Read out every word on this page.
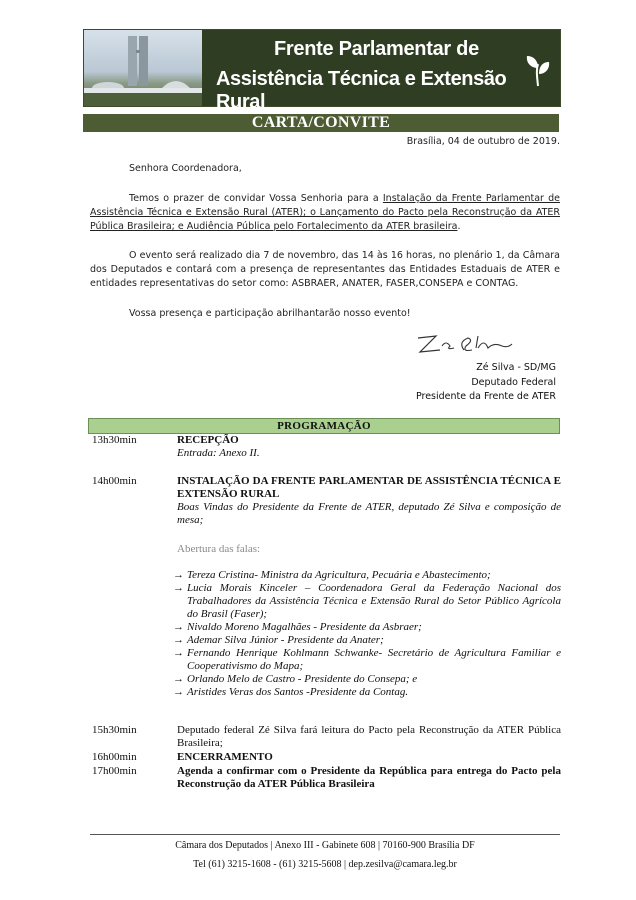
Frente Parlamentar de
Assistência Técnica e Extensão Rural
CARTA/CONVITE
Brasília, 04 de outubro de 2019.
Senhora Coordenadora,
Temos o prazer de convidar Vossa Senhoria para a Instalação da Frente Parlamentar de Assistência Técnica e Extensão Rural (ATER); o Lançamento do Pacto pela Reconstrução da ATER Pública Brasileira; e Audiência Pública pelo Fortalecimento da ATER brasileira.
O evento será realizado dia 7 de novembro, das 14 às 16 horas, no plenário 1, da Câmara dos Deputados e contará com a presença de representantes das Entidades Estaduais de ATER e entidades representativas do setor como: ASBRAER, ANATER, FASER,CONSEPA e CONTAG.
Vossa presença e participação abrilhantarão nosso evento!
Zé Silva - SD/MG
Deputado Federal
Presidente da Frente de ATER
PROGRAMAÇÃO
13h30min	RECEPÇÃO
Entrada: Anexo II.
14h00min	INSTALAÇÃO DA FRENTE PARLAMENTAR DE ASSISTÊNCIA TÉCNICA E EXTENSÃO RURAL
Boas Vindas do Presidente da Frente de ATER, deputado Zé Silva e composição de mesa;
Abertura das falas:
→ Tereza Cristina- Ministra da Agricultura, Pecuária e Abastecimento;
→ Lucia Morais Kinceler – Coordenadora Geral da Federação Nacional dos Trabalhadores da Assistência Técnica e Extensão Rural do Setor Público Agrícola do Brasil (Faser);
→ Nivaldo Moreno Magalhães - Presidente da Asbraer;
→ Ademar Silva Júnior - Presidente da Anater;
→ Fernando Henrique Kohlmann Schwanke- Secretário de Agricultura Familiar e Cooperativismo do Mapa;
→ Orlando Melo de Castro - Presidente do Consepa; e
→ Aristides Veras dos Santos -Presidente da Contag.
15h30min	Deputado federal Zé Silva fará leitura do Pacto pela Reconstrução da ATER Pública Brasileira;
16h00min	ENCERRAMENTO
17h00min	Agenda a confirmar com o Presidente da República para entrega do Pacto pela Reconstrução da ATER Pública Brasileira
Câmara dos Deputados | Anexo III - Gabinete 608 | 70160-900 Brasília DF
Tel (61) 3215-1608 - (61) 3215-5608 | dep.zesilva@camara.leg.br
